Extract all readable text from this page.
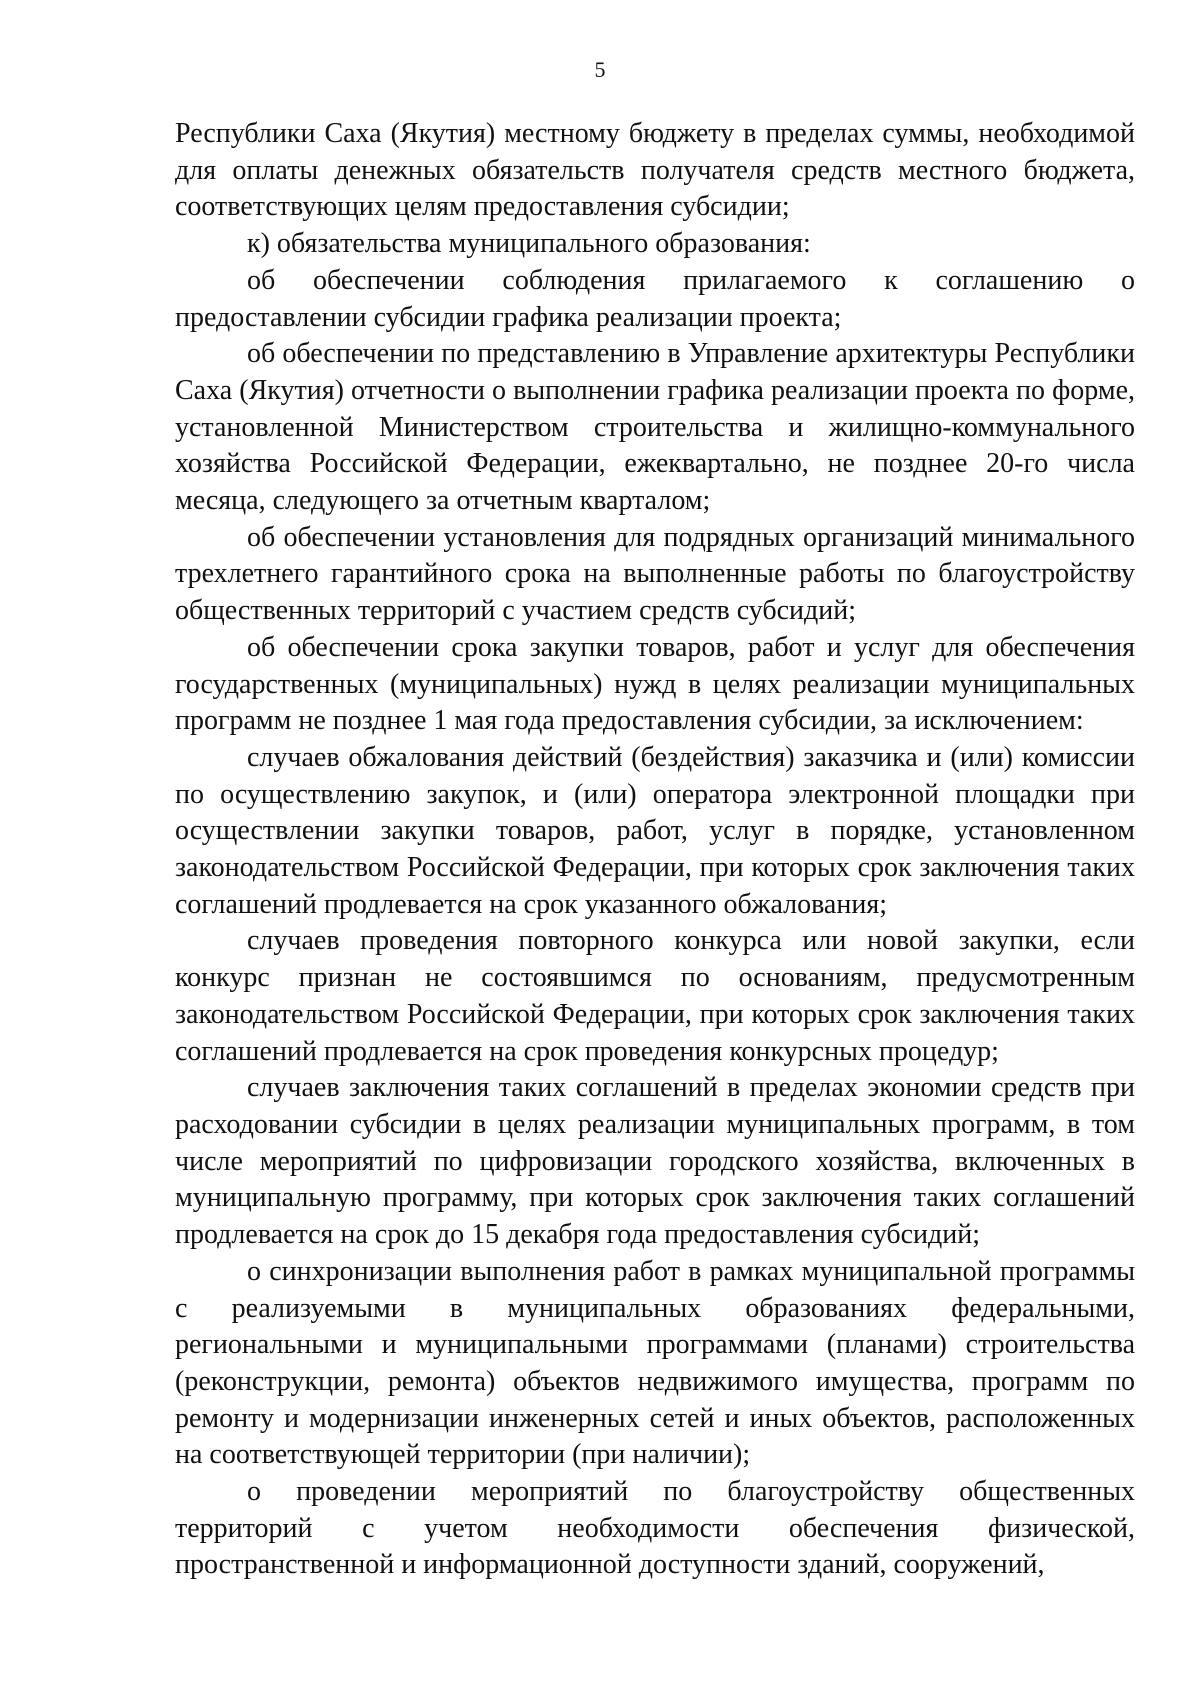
5

Республики Саха (Якутия) местному бюджету в пределах суммы, необходимой для оплаты денежных обязательств получателя средств местного бюджета, соответствующих целям предоставления субсидии;

к) обязательства муниципального образования:

об обеспечении соблюдения прилагаемого к соглашению о предоставлении субсидии графика реализации проекта;

об обеспечении по представлению в Управление архитектуры Республики Саха (Якутия) отчетности о выполнении графика реализации проекта по форме, установленной Министерством строительства и жилищно-коммунального хозяйства Российской Федерации, ежеквартально, не позднее 20-го числа месяца, следующего за отчетным кварталом;

об обеспечении установления для подрядных организаций минимального трехлетнего гарантийного срока на выполненные работы по благоустройству общественных территорий с участием средств субсидий;

об обеспечении срока закупки товаров, работ и услуг для обеспечения государственных (муниципальных) нужд в целях реализации муниципальных программ не позднее 1 мая года предоставления субсидии, за исключением:

случаев обжалования действий (бездействия) заказчика и (или) комиссии по осуществлению закупок, и (или) оператора электронной площадки при осуществлении закупки товаров, работ, услуг в порядке, установленном законодательством Российской Федерации, при которых срок заключения таких соглашений продлевается на срок указанного обжалования;

случаев проведения повторного конкурса или новой закупки, если конкурс признан не состоявшимся по основаниям, предусмотренным законодательством Российской Федерации, при которых срок заключения таких соглашений продлевается на срок проведения конкурсных процедур;

случаев заключения таких соглашений в пределах экономии средств при расходовании субсидии в целях реализации муниципальных программ, в том числе мероприятий по цифровизации городского хозяйства, включенных в муниципальную программу, при которых срок заключения таких соглашений продлевается на срок до 15 декабря года предоставления субсидий;

о синхронизации выполнения работ в рамках муниципальной программы с реализуемыми в муниципальных образованиях федеральными, региональными и муниципальными программами (планами) строительства (реконструкции, ремонта) объектов недвижимого имущества, программ по ремонту и модернизации инженерных сетей и иных объектов, расположенных на соответствующей территории (при наличии);

о проведении мероприятий по благоустройству общественных территорий с учетом необходимости обеспечения физической, пространственной и информационной доступности зданий, сооружений,
